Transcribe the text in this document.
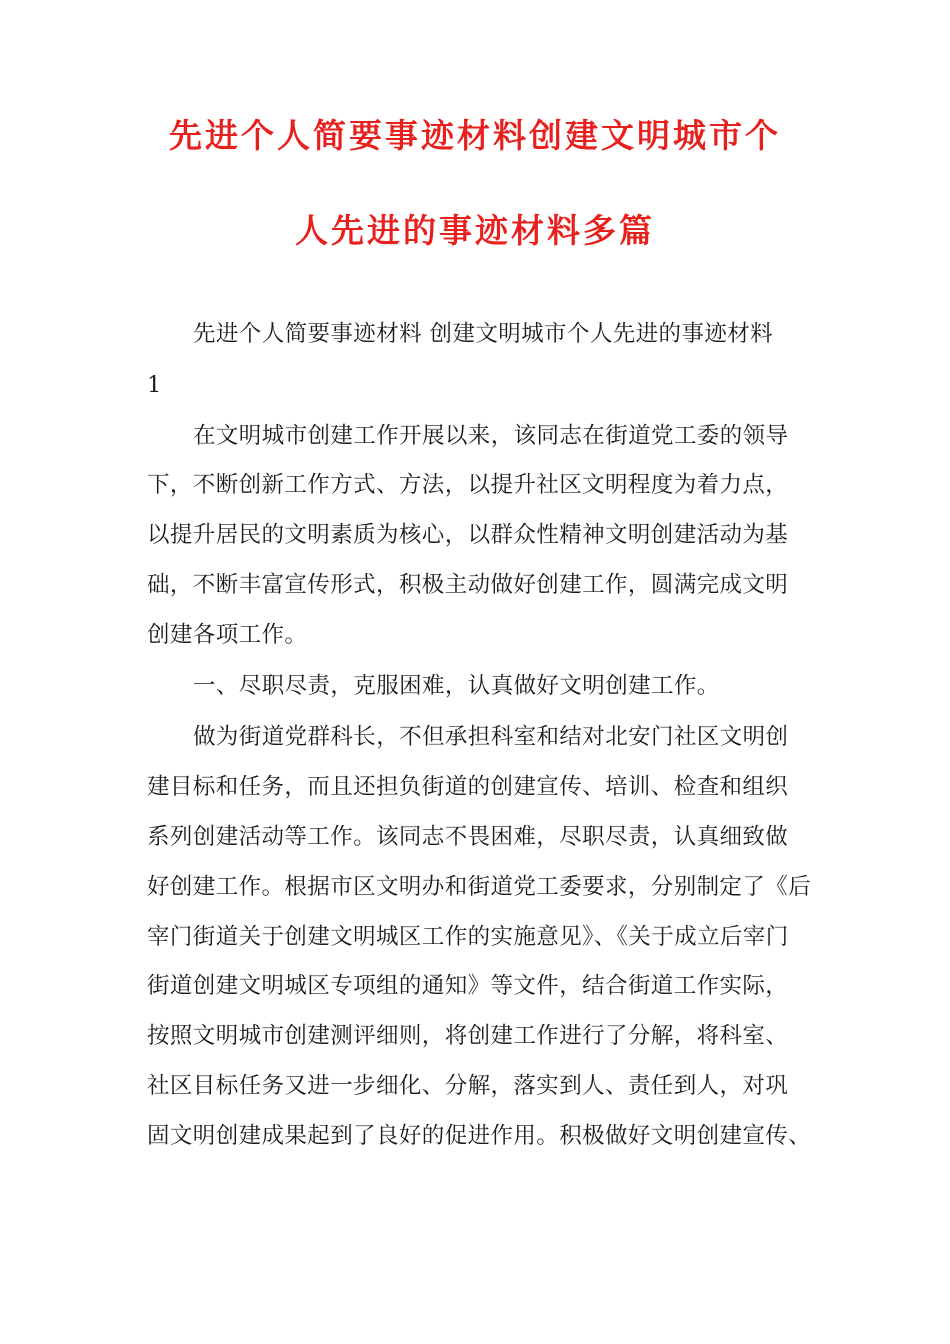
先进个人简要事迹材料创建文明城市个
人先进的事迹材料多篇
先进个人简要事迹材料 创建文明城市个人先进的事迹材料
1
在文明城市创建工作开展以来，该同志在街道党工委的领导
下，不断创新工作方式、方法，以提升社区文明程度为着力点，
以提升居民的文明素质为核心，以群众性精神文明创建活动为基
础，不断丰富宣传形式，积极主动做好创建工作，圆满完成文明
创建各项工作。
一、尽职尽责，克服困难，认真做好文明创建工作。
做为街道党群科长，不但承担科室和结对北安门社区文明创
建目标和任务，而且还担负街道的创建宣传、培训、检查和组织
系列创建活动等工作。该同志不畏困难，尽职尽责，认真细致做
好创建工作。根据市区文明办和街道党工委要求，分别制定了《后
宰门街道关于创建文明城区工作的实施意见》、《关于成立后宰门
街道创建文明城区专项组的通知》等文件，结合街道工作实际，
按照文明城市创建测评细则，将创建工作进行了分解，将科室、
社区目标任务又进一步细化、分解，落实到人、责任到人，对巩
固文明创建成果起到了良好的促进作用。积极做好文明创建宣传、
